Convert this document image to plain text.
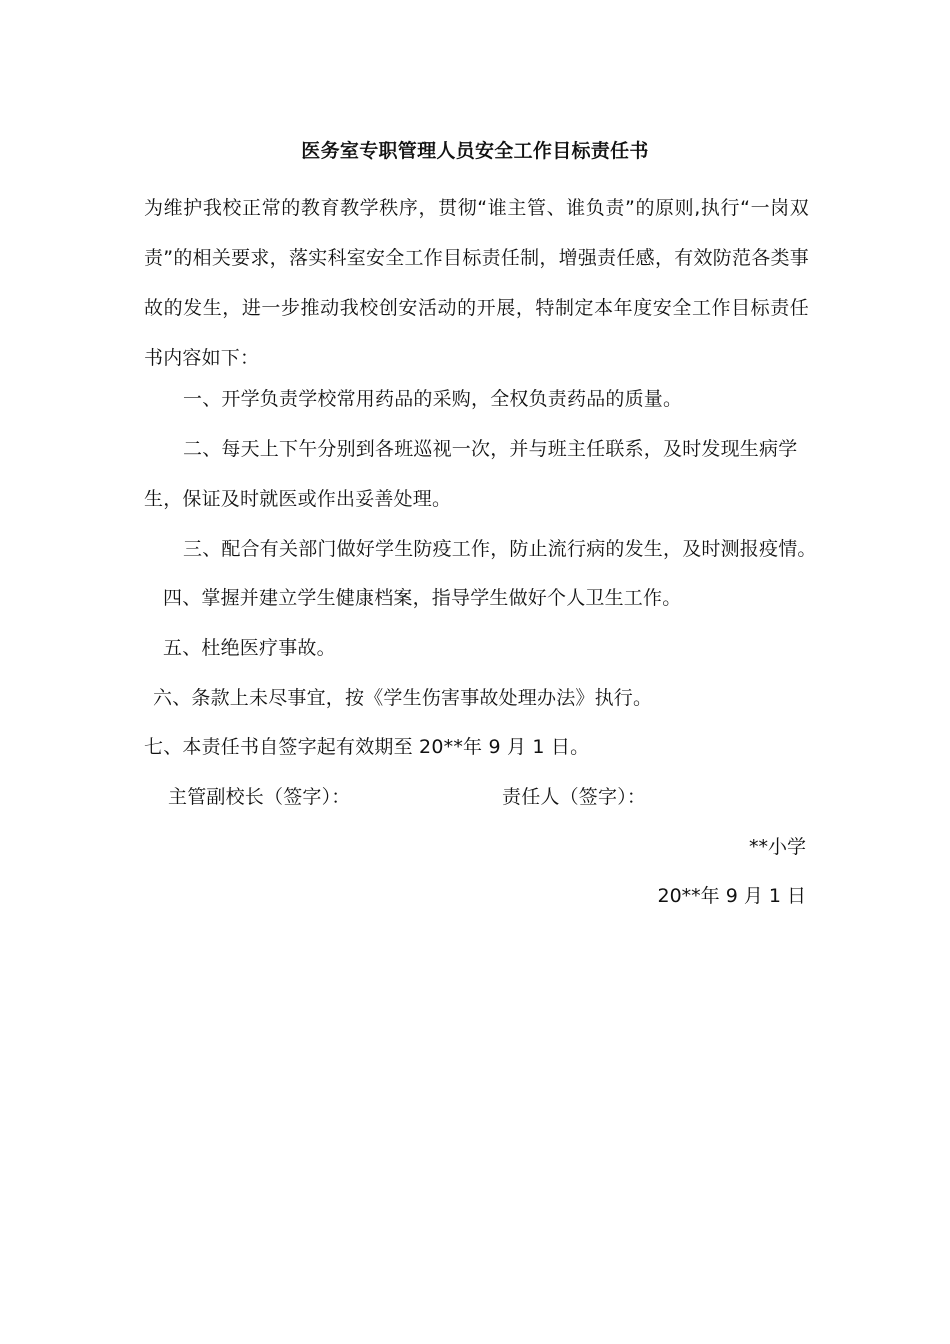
医务室专职管理人员安全工作目标责任书
为维护我校正常的教育教学秩序，贯彻“谁主管、谁负责”的原则,执行“一岗双责”的相关要求，落实科室安全工作目标责任制，增强责任感，有效防范各类事故的发生，进一步推动我校创安活动的开展，特制定本年度安全工作目标责任书内容如下：
一、开学负责学校常用药品的采购，全权负责药品的质量。
二、每天上下午分别到各班巡视一次，并与班主任联系，及时发现生病学
生，保证及时就医或作出妥善处理。
三、配合有关部门做好学生防疫工作，防止流行病的发生，及时测报疫情。
四、掌握并建立学生健康档案，指导学生做好个人卫生工作。
五、杜绝医疗事故。
六、条款上未尽事宜，按《学生伤害事故处理办法》执行。
七、本责任书自签字起有效期至 20**年 9 月 1 日。
主管副校长（签字）：	责任人（签字）：
**小学
20**年 9 月 1 日
